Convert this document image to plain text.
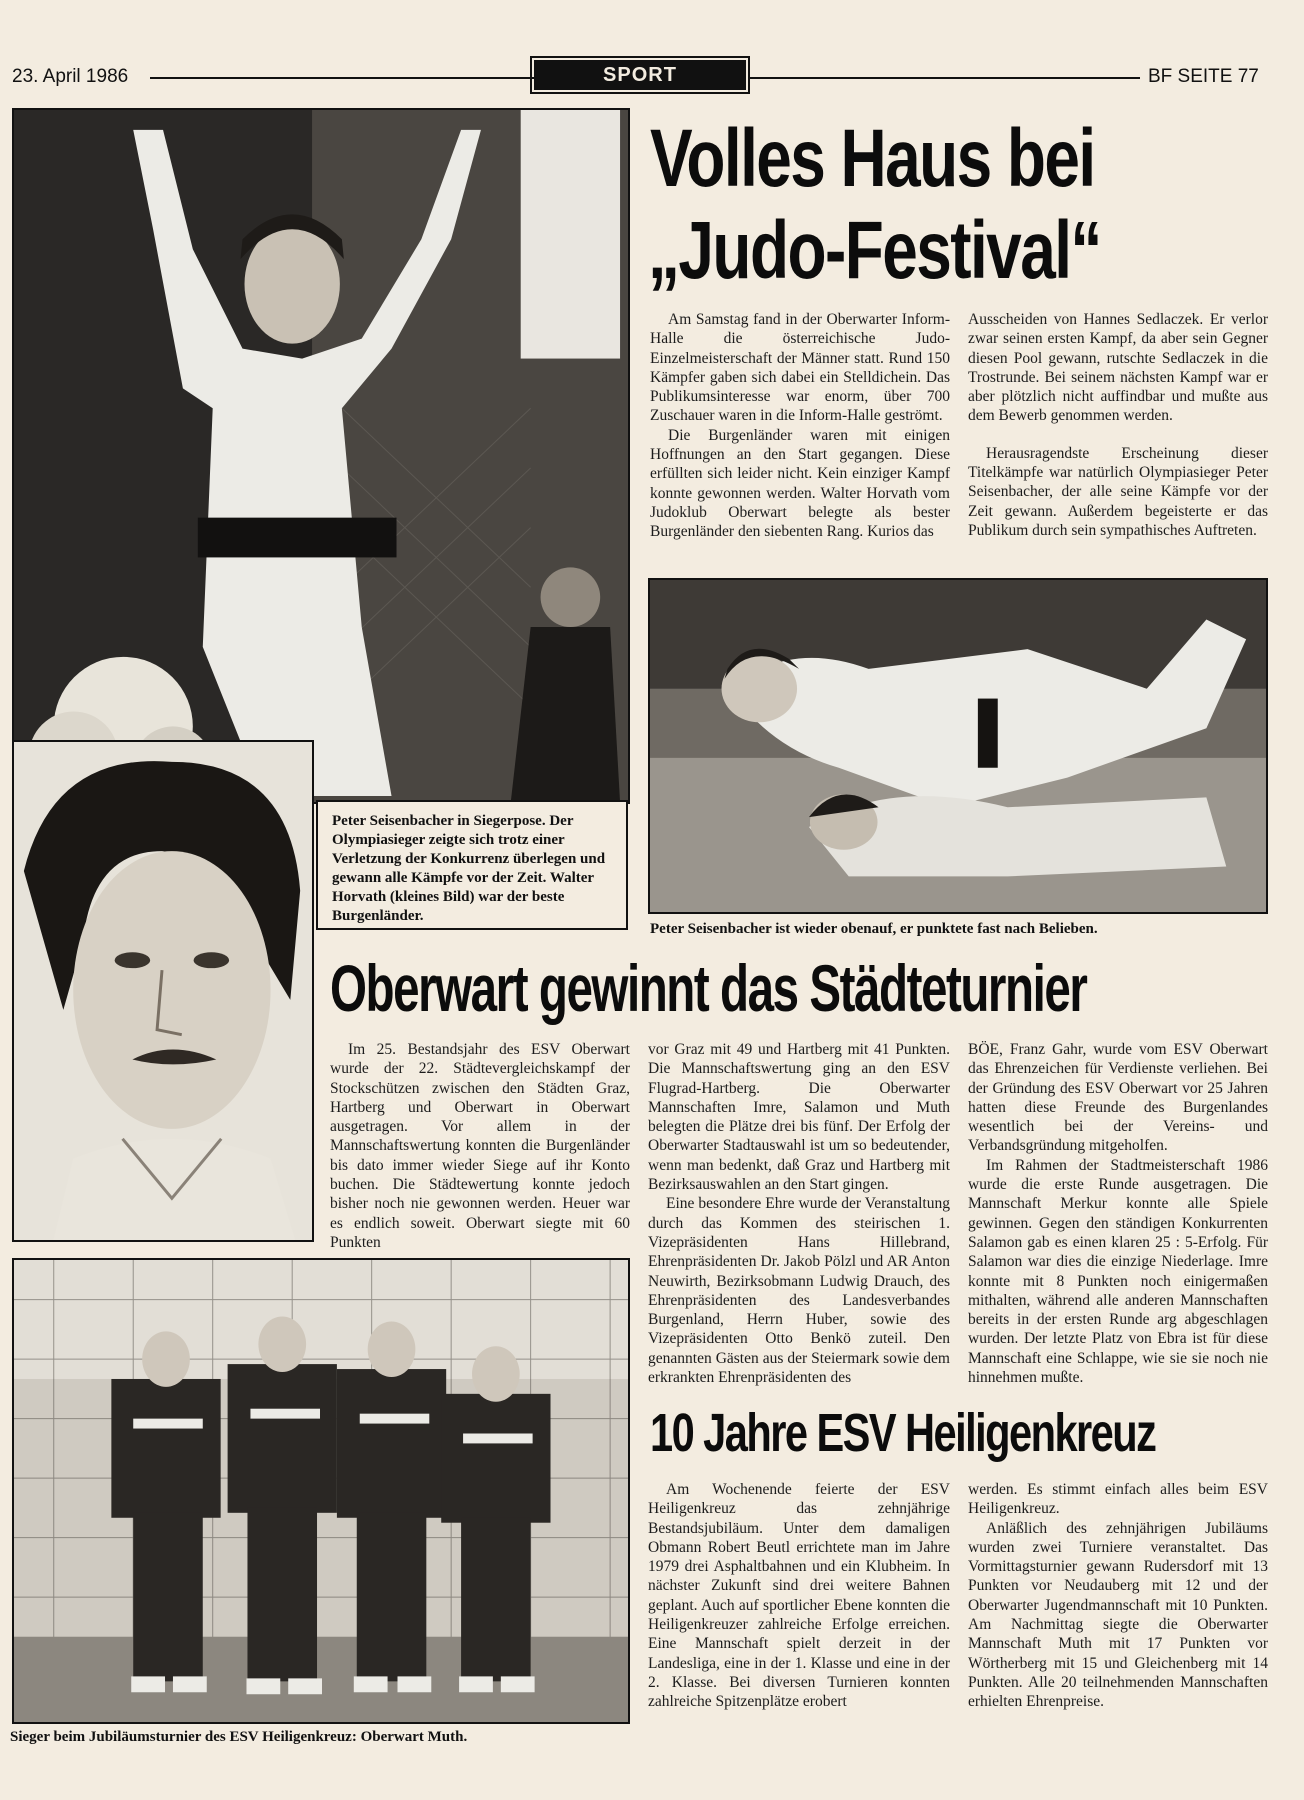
23. April 1986	SPORT	BF SEITE 77
Peter Seisenbacher in Siegerpose. Der Olympiasieger zeigte sich trotz einer Verletzung der Konkurrenz überlegen und gewann alle Kämpfe vor der Zeit. Walter Horvath (kleines Bild) war der beste Burgenländer.
Volles Haus bei
„Judo-Festival“

Am Samstag fand in der Oberwarter Inform-Halle die österreichische Judo-Einzelmeisterschaft der Männer statt. Rund 150 Kämpfer gaben sich dabei ein Stelldichein. Das Publikumsinteresse war enorm, über 700 Zuschauer waren in die Inform-Halle geströmt.

Die Burgenländer waren mit einigen Hoffnungen an den Start gegangen. Diese erfüllten sich leider nicht. Kein einziger Kampf konnte gewonnen werden. Walter Horvath vom Judoklub Oberwart belegte als bester Burgenländer den siebenten Rang. Kurios das

Ausscheiden von Hannes Sedlaczek. Er verlor zwar seinen ersten Kampf, da aber sein Gegner diesen Pool gewann, rutschte Sedlaczek in die Trostrunde. Bei seinem nächsten Kampf war er aber plötzlich nicht auffindbar und mußte aus dem Bewerb genommen werden.

Herausragendste Erscheinung dieser Titelkämpfe war natürlich Olympiasieger Peter Seisenbacher, der alle seine Kämpfe vor der Zeit gewann. Außerdem begeisterte er das Publikum durch sein sympathisches Auftreten.

Peter Seisenbacher ist wieder obenauf, er punktete fast nach Belieben.
Oberwart gewinnt das Städteturnier

Im 25. Bestandsjahr des ESV Oberwart wurde der 22. Städtevergleichskampf der Stockschützen zwischen den Städten Graz, Hartberg und Oberwart in Oberwart ausgetragen. Vor allem in der Mannschaftswertung konnten die Burgenländer bis dato immer wieder Siege auf ihr Konto buchen. Die Städtewertung konnte jedoch bisher noch nie gewonnen werden. Heuer war es endlich soweit. Oberwart siegte mit 60 Punkten

vor Graz mit 49 und Hartberg mit 41 Punkten. Die Mannschaftswertung ging an den ESV Flugrad-Hartberg. Die Oberwarter Mannschaften Imre, Salamon und Muth belegten die Plätze drei bis fünf. Der Erfolg der Oberwarter Stadtauswahl ist um so bedeutender, wenn man bedenkt, daß Graz und Hartberg mit Bezirksauswahlen an den Start gingen.

Eine besondere Ehre wurde der Veranstaltung durch das Kommen des steirischen 1. Vizepräsidenten Hans Hillebrand, Ehrenpräsidenten Dr. Jakob Pölzl und AR Anton Neuwirth, Bezirksobmann Ludwig Drauch, des Ehrenpräsidenten des Landesverbandes Burgenland, Herrn Huber, sowie des Vizepräsidenten Otto Benkö zuteil. Den genannten Gästen aus der Steiermark sowie dem erkrankten Ehrenpräsidenten des

BÖE, Franz Gahr, wurde vom ESV Oberwart das Ehrenzeichen für Verdienste verliehen. Bei der Gründung des ESV Oberwart vor 25 Jahren hatten diese Freunde des Burgenlandes wesentlich bei der Vereins- und Verbandsgründung mitgeholfen.

Im Rahmen der Stadtmeisterschaft 1986 wurde die erste Runde ausgetragen. Die Mannschaft Merkur konnte alle Spiele gewinnen. Gegen den ständigen Konkurrenten Salamon gab es einen klaren 25 : 5-Erfolg. Für Salamon war dies die einzige Niederlage. Imre konnte mit 8 Punkten noch einigermaßen mithalten, während alle anderen Mannschaften bereits in der ersten Runde arg abgeschlagen wurden. Der letzte Platz von Ebra ist für diese Mannschaft eine Schlappe, wie sie sie noch nie hinnehmen mußte.

Sieger beim Jubiläumsturnier des ESV Heiligenkreuz: Oberwart Muth.
10 Jahre ESV Heiligenkreuz

Am Wochenende feierte der ESV Heiligenkreuz das zehnjährige Bestandsjubiläum. Unter dem damaligen Obmann Robert Beutl errichtete man im Jahre 1979 drei Asphaltbahnen und ein Klubheim. In nächster Zukunft sind drei weitere Bahnen geplant. Auch auf sportlicher Ebene konnten die Heiligenkreuzer zahlreiche Erfolge erreichen. Eine Mannschaft spielt derzeit in der Landesliga, eine in der 1. Klasse und eine in der 2. Klasse. Bei diversen Turnieren konnten zahlreiche Spitzenplätze erobert

werden. Es stimmt einfach alles beim ESV Heiligenkreuz.

Anläßlich des zehnjährigen Jubiläums wurden zwei Turniere veranstaltet. Das Vormittagsturnier gewann Rudersdorf mit 13 Punkten vor Neudauberg mit 12 und der Oberwarter Jugendmannschaft mit 10 Punkten. Am Nachmittag siegte die Oberwarter Mannschaft Muth mit 17 Punkten vor Wörtherberg mit 15 und Gleichenberg mit 14 Punkten. Alle 20 teilnehmenden Mannschaften erhielten Ehrenpreise.
